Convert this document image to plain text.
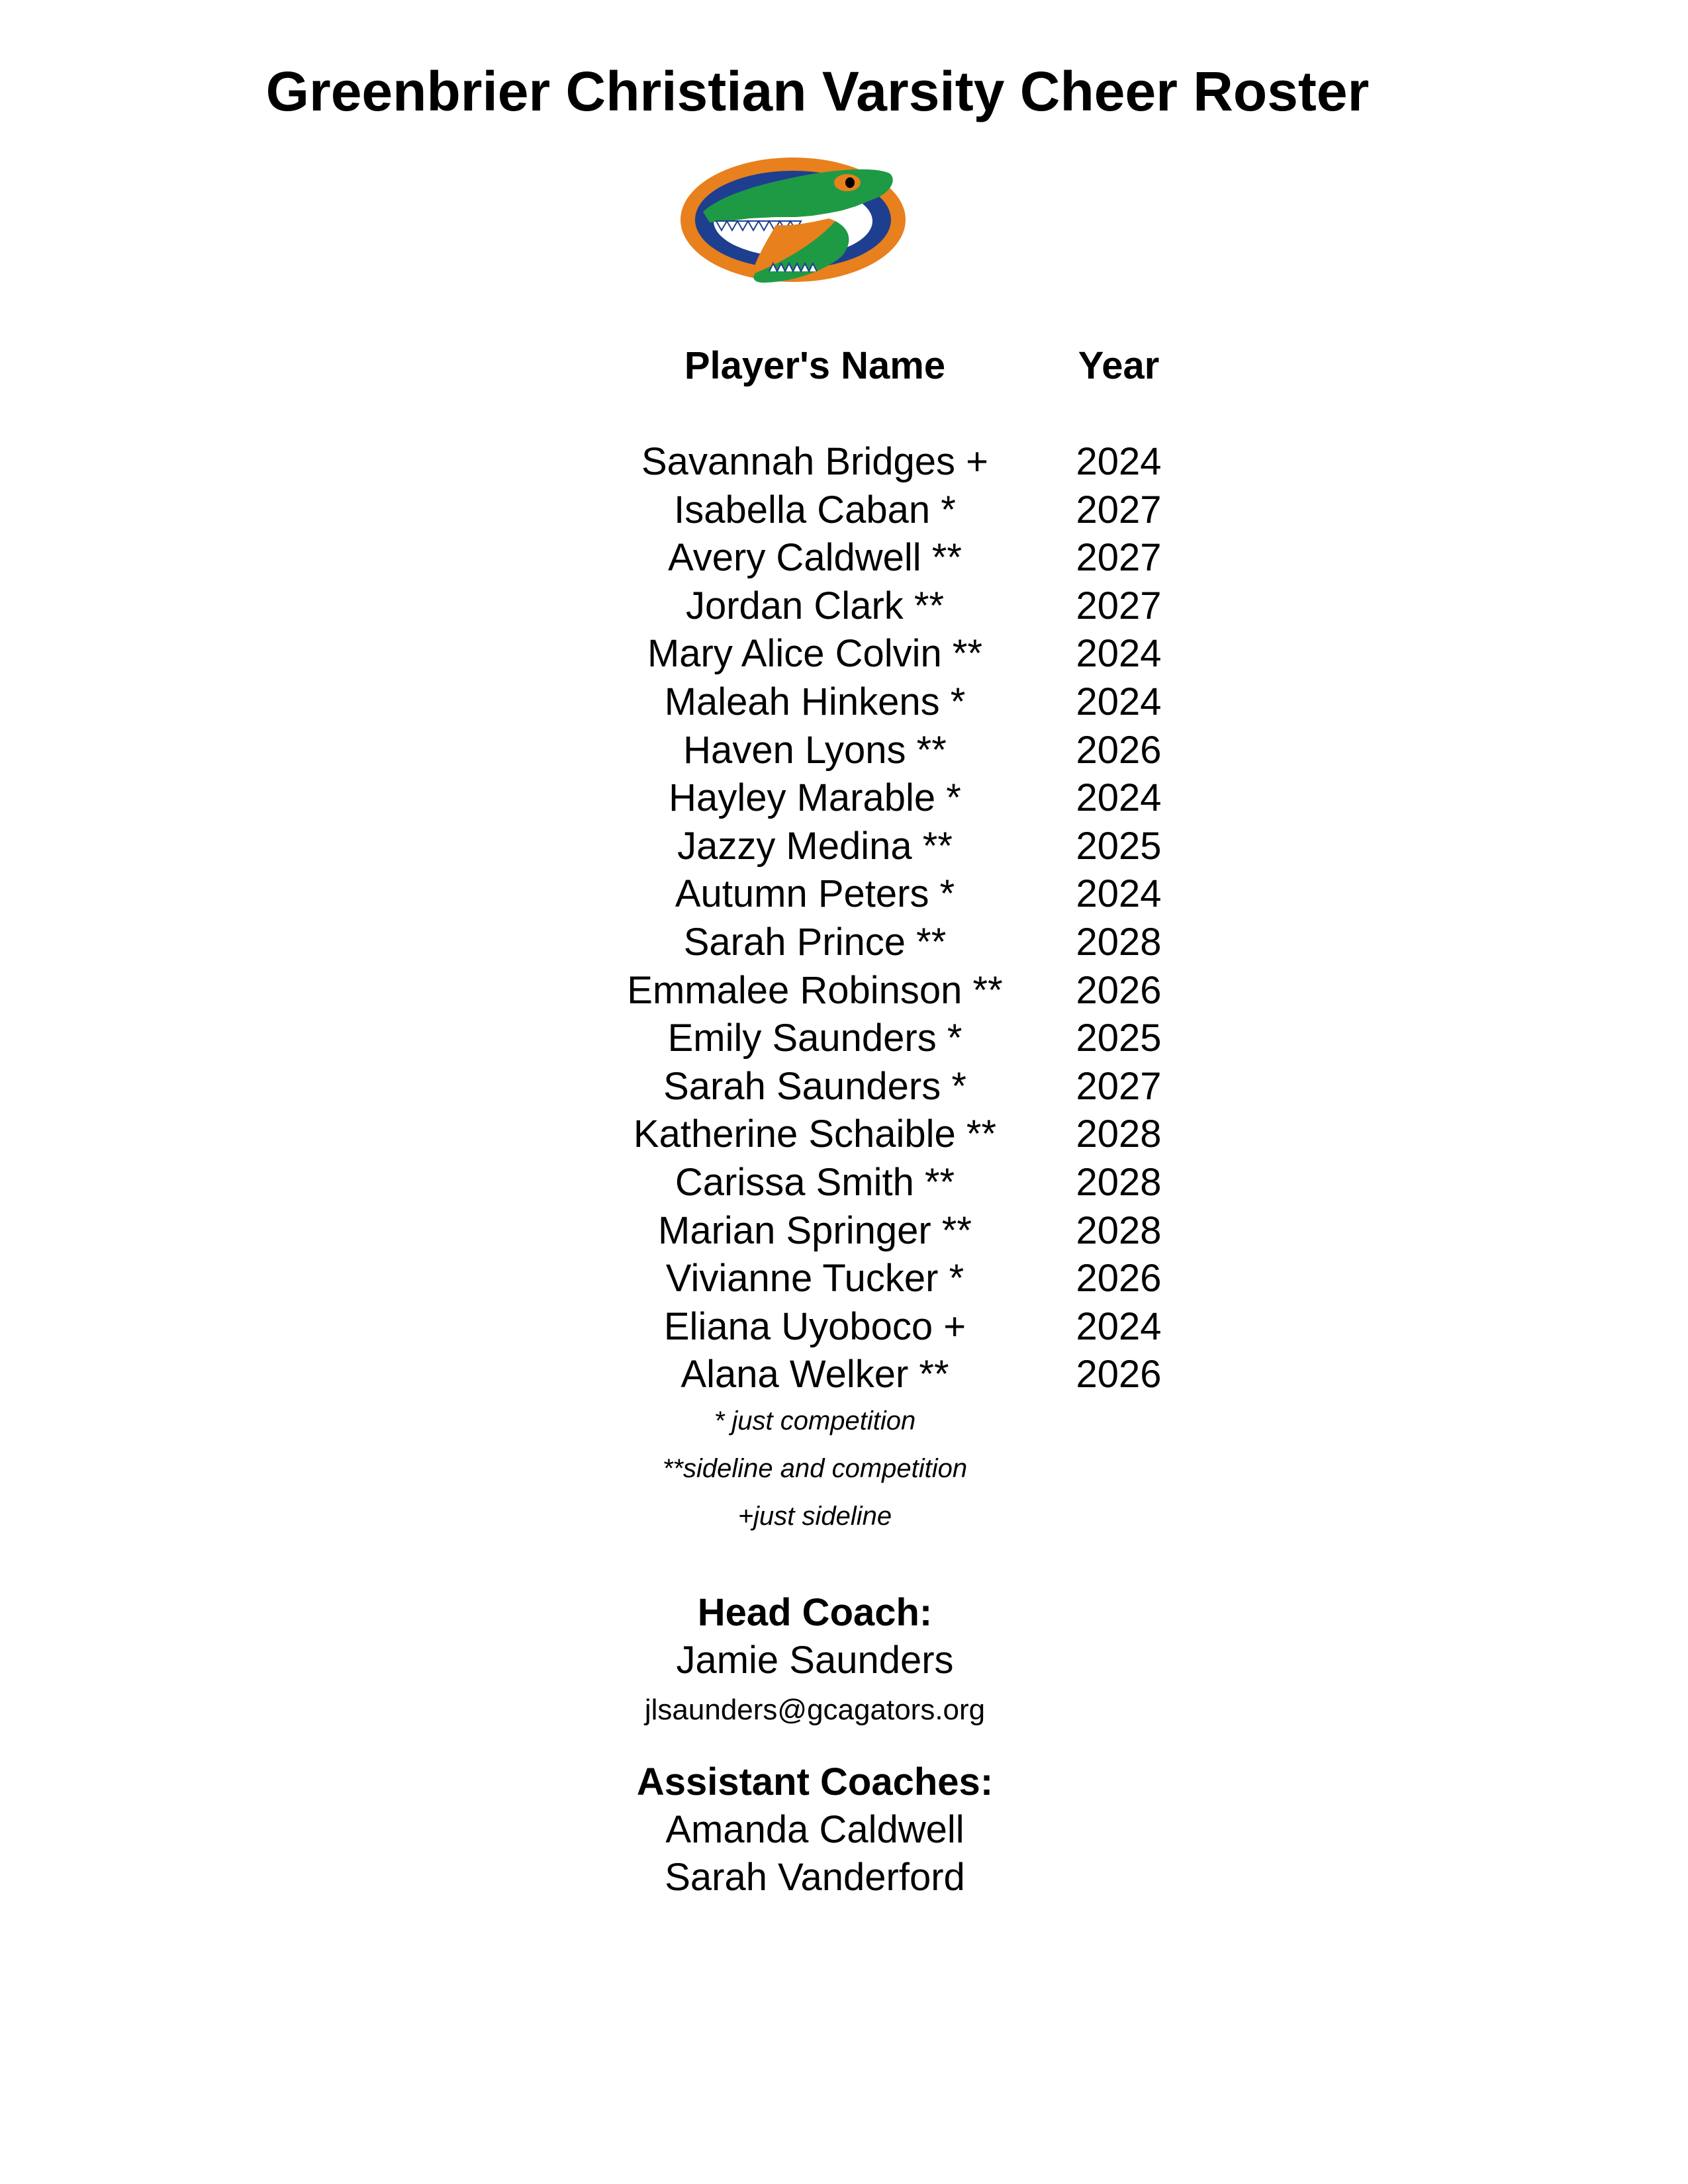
Greenbrier Christian Varsity Cheer Roster
Player's Name	Year
Savannah Bridges +	2024
Isabella Caban *	2027
Avery Caldwell **	2027
Jordan Clark **	2027
Mary Alice Colvin **	2024
Maleah Hinkens *	2024
Haven Lyons **	2026
Hayley Marable *	2024
Jazzy Medina **	2025
Autumn Peters *	2024
Sarah Prince **	2028
Emmalee Robinson **	2026
Emily Saunders *	2025
Sarah Saunders *	2027
Katherine Schaible **	2028
Carissa Smith **	2028
Marian Springer **	2028
Vivianne Tucker *	2026
Eliana Uyoboco +	2024
Alana Welker **	2026
* just competition
**sideline and competition
+just sideline
Head Coach:
Jamie Saunders
jlsaunders@gcagators.org
Assistant Coaches:
Amanda Caldwell
Sarah Vanderford
